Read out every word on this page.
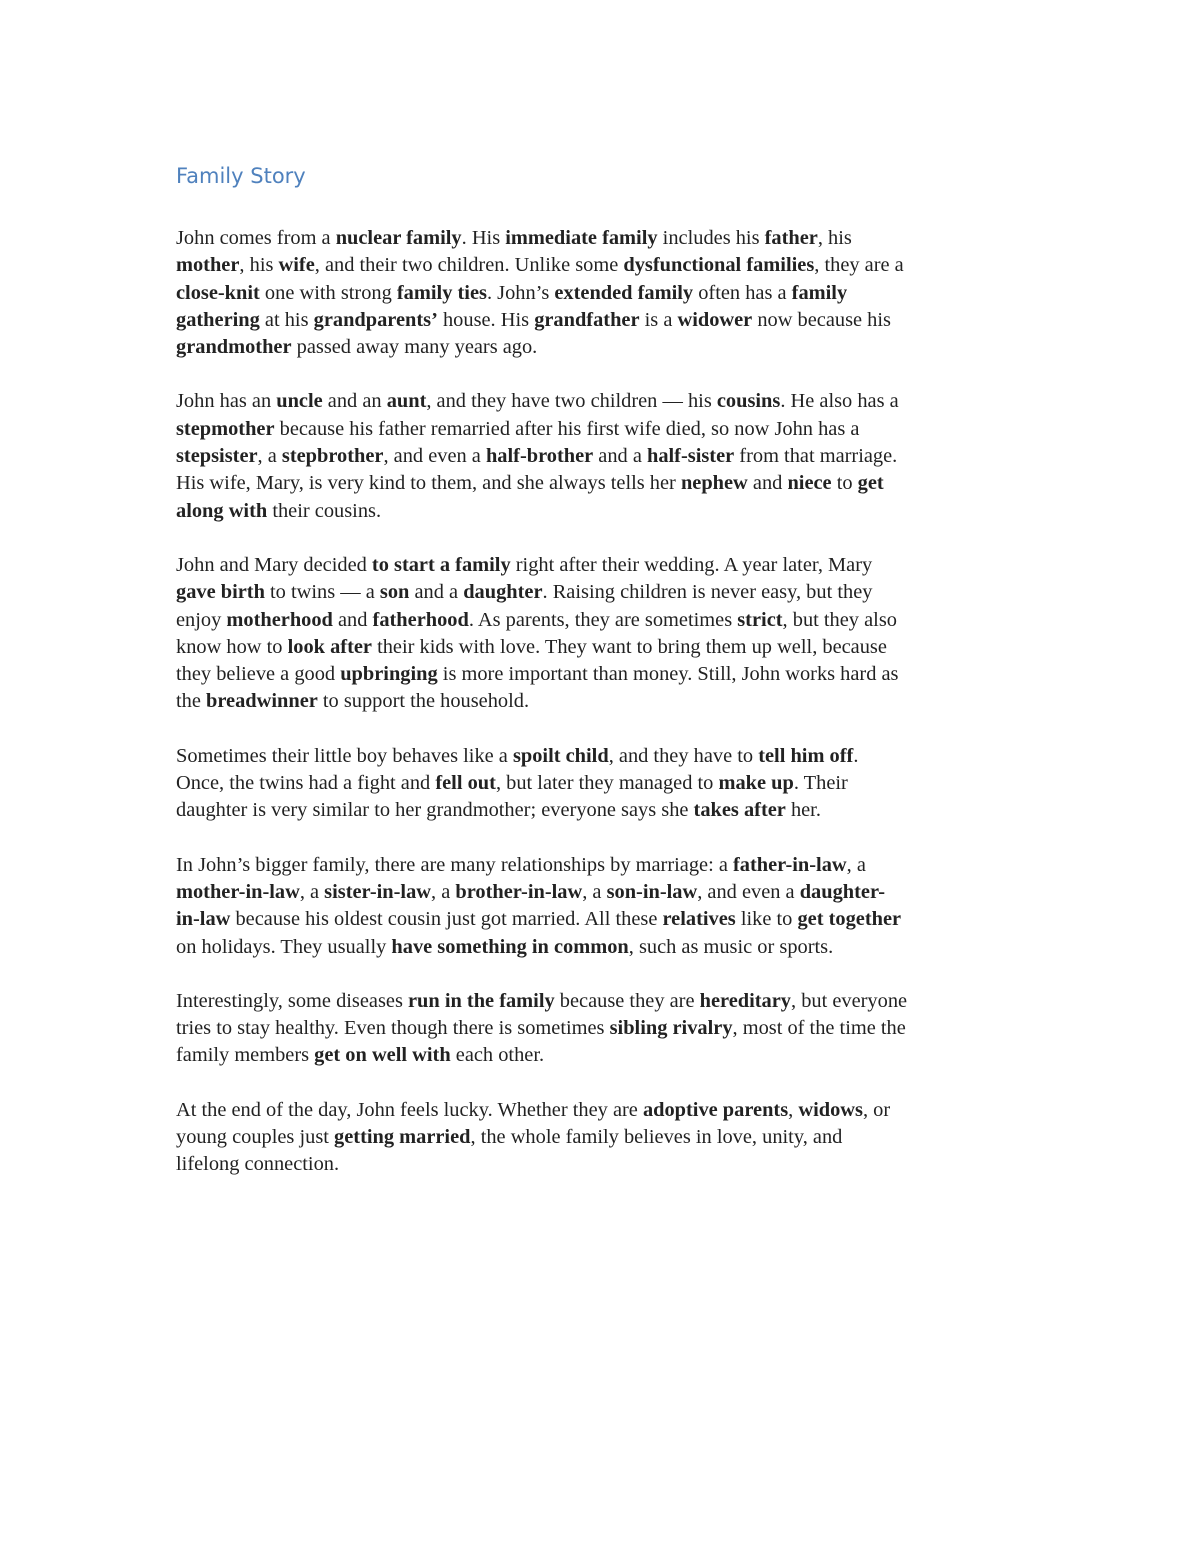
Family Story

John comes from a nuclear family. His immediate family includes his father, his
mother, his wife, and their two children. Unlike some dysfunctional families, they are a
close-knit one with strong family ties. John’s extended family often has a family
gathering at his grandparents’ house. His grandfather is a widower now because his
grandmother passed away many years ago.

John has an uncle and an aunt, and they have two children — his cousins. He also has a
stepmother because his father remarried after his first wife died, so now John has a
stepsister, a stepbrother, and even a half-brother and a half-sister from that marriage.
His wife, Mary, is very kind to them, and she always tells her nephew and niece to get
along with their cousins.

John and Mary decided to start a family right after their wedding. A year later, Mary
gave birth to twins — a son and a daughter. Raising children is never easy, but they
enjoy motherhood and fatherhood. As parents, they are sometimes strict, but they also
know how to look after their kids with love. They want to bring them up well, because
they believe a good upbringing is more important than money. Still, John works hard as
the breadwinner to support the household.

Sometimes their little boy behaves like a spoilt child, and they have to tell him off.
Once, the twins had a fight and fell out, but later they managed to make up. Their
daughter is very similar to her grandmother; everyone says she takes after her.

In John’s bigger family, there are many relationships by marriage: a father-in-law, a
mother-in-law, a sister-in-law, a brother-in-law, a son-in-law, and even a daughter-
in-law because his oldest cousin just got married. All these relatives like to get together
on holidays. They usually have something in common, such as music or sports.

Interestingly, some diseases run in the family because they are hereditary, but everyone
tries to stay healthy. Even though there is sometimes sibling rivalry, most of the time the
family members get on well with each other.

At the end of the day, John feels lucky. Whether they are adoptive parents, widows, or
young couples just getting married, the whole family believes in love, unity, and
lifelong connection.
